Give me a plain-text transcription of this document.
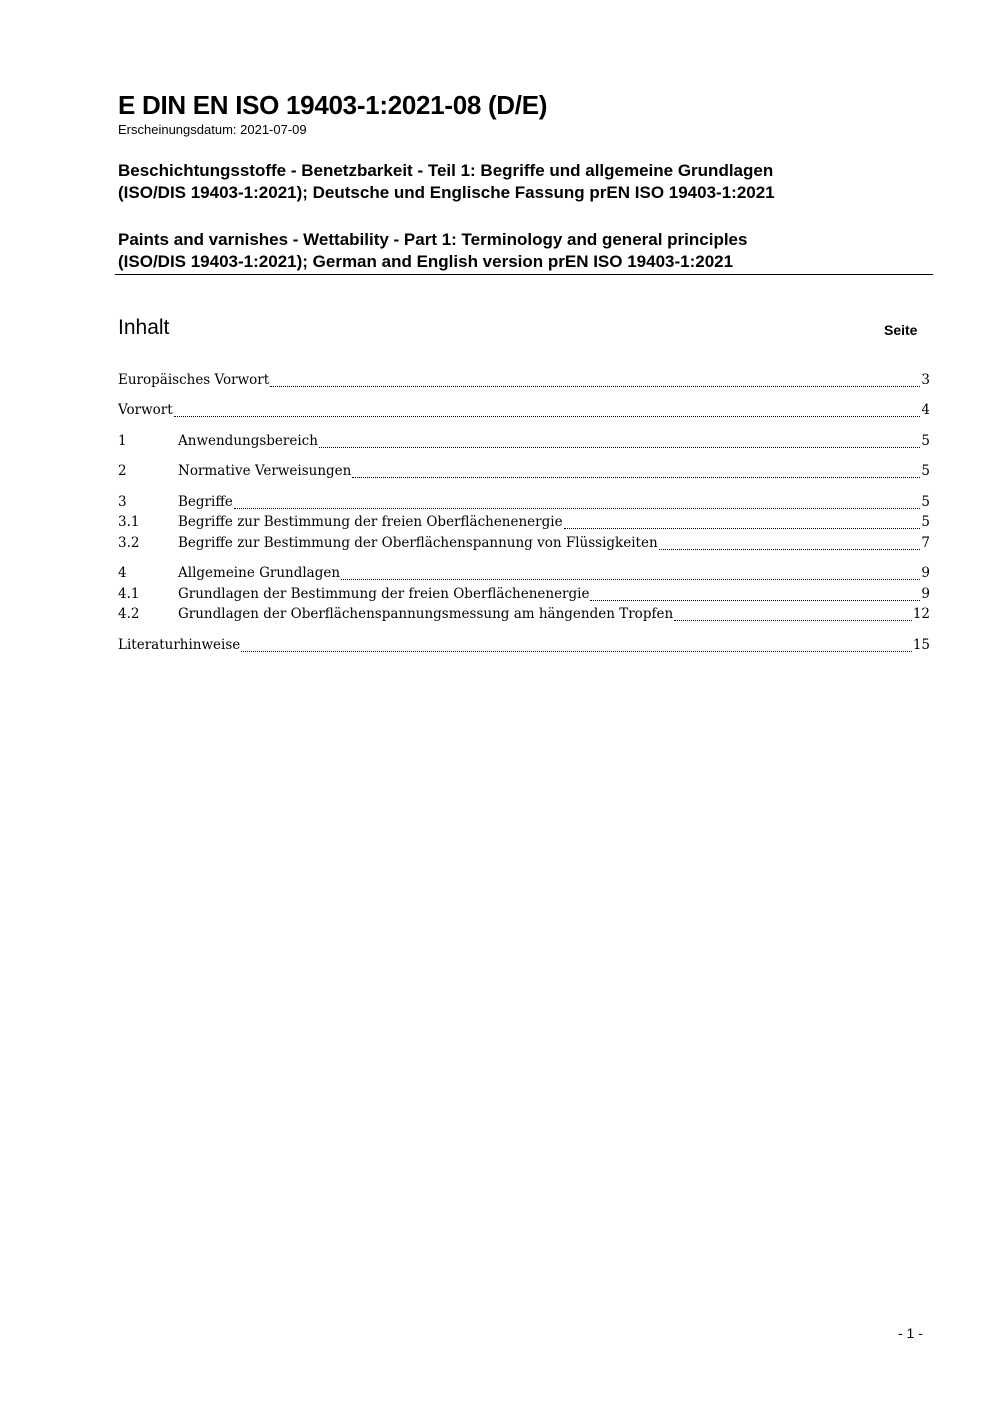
E DIN EN ISO 19403-1:2021-08 (D/E)
Erscheinungsdatum: 2021-07-09
Beschichtungsstoffe - Benetzbarkeit - Teil 1: Begriffe und allgemeine Grundlagen
(ISO/DIS 19403-1:2021); Deutsche und Englische Fassung prEN ISO 19403-1:2021
Paints and varnishes - Wettability - Part 1: Terminology and general principles
(ISO/DIS 19403-1:2021); German and English version prEN ISO 19403-1:2021
Inhalt	Seite
Europäisches Vorwort	3
Vorwort	4
1	Anwendungsbereich	5
2	Normative Verweisungen	5
3	Begriffe	5
3.1	Begriffe zur Bestimmung der freien Oberflächenenergie	5
3.2	Begriffe zur Bestimmung der Oberflächenspannung von Flüssigkeiten	7
4	Allgemeine Grundlagen	9
4.1	Grundlagen der Bestimmung der freien Oberflächenenergie	9
4.2	Grundlagen der Oberflächenspannungsmessung am hängenden Tropfen	12
Literaturhinweise	15
- 1 -
